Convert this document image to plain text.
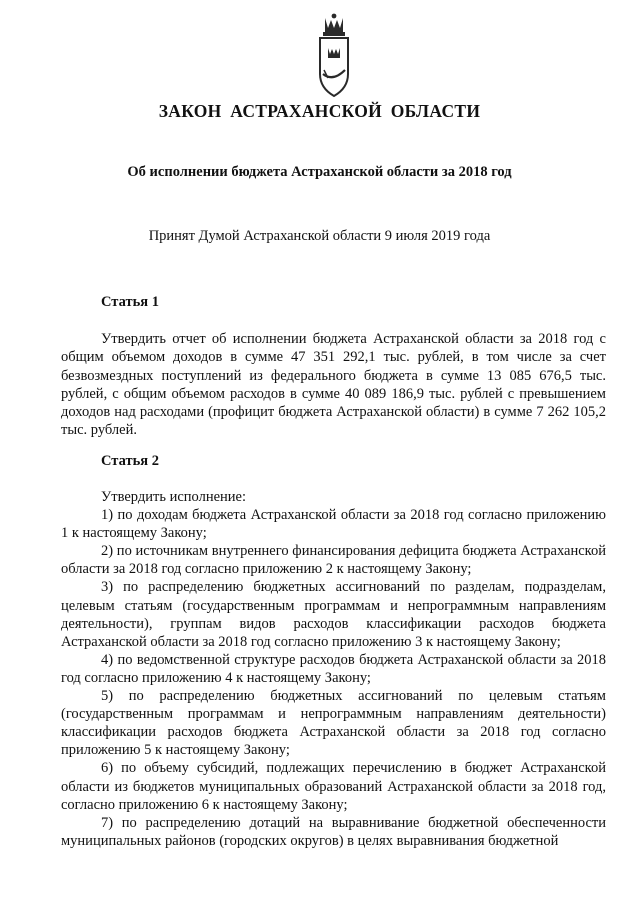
ЗАКОН АСТРАХАНСКОЙ ОБЛАСТИ
Об исполнении бюджета Астраханской области за 2018 год
Принят Думой Астраханской области 9 июля 2019 года
Статья 1

Утвердить отчет об исполнении бюджета Астраханской области за 2018 год с общим объемом доходов в сумме 47 351 292,1 тыс. рублей, в том числе за счет безвозмездных поступлений из федерального бюджета в сумме 13 085 676,5 тыс. рублей, с общим объемом расходов в сумме 40 089 186,9 тыс. рублей с превышением доходов над расходами (профицит бюджета Астраханской области) в сумме 7 262 105,2 тыс. рублей.

Статья 2

Утвердить исполнение:

1) по доходам бюджета Астраханской области за 2018 год согласно приложению 1 к настоящему Закону;

2) по источникам внутреннего финансирования дефицита бюджета Астраханской области за 2018 год согласно приложению 2 к настоящему Закону;

3) по распределению бюджетных ассигнований по разделам, подразделам, целевым статьям (государственным программам и непрограммным направлениям деятельности), группам видов расходов классификации расходов бюджета Астраханской области за 2018 год согласно приложению 3 к настоящему Закону;

4) по ведомственной структуре расходов бюджета Астраханской области за 2018 год согласно приложению 4 к настоящему Закону;

5) по распределению бюджетных ассигнований по целевым статьям (государственным программам и непрограммным направлениям деятельности) классификации расходов бюджета Астраханской области за 2018 год согласно приложению 5 к настоящему Закону;

6) по объему субсидий, подлежащих перечислению в бюджет Астраханской области из бюджетов муниципальных образований Астраханской области за 2018 год, согласно приложению 6 к настоящему Закону;

7) по распределению дотаций на выравнивание бюджетной обеспеченности муниципальных районов (городских округов) в целях выравнивания бюджетной
